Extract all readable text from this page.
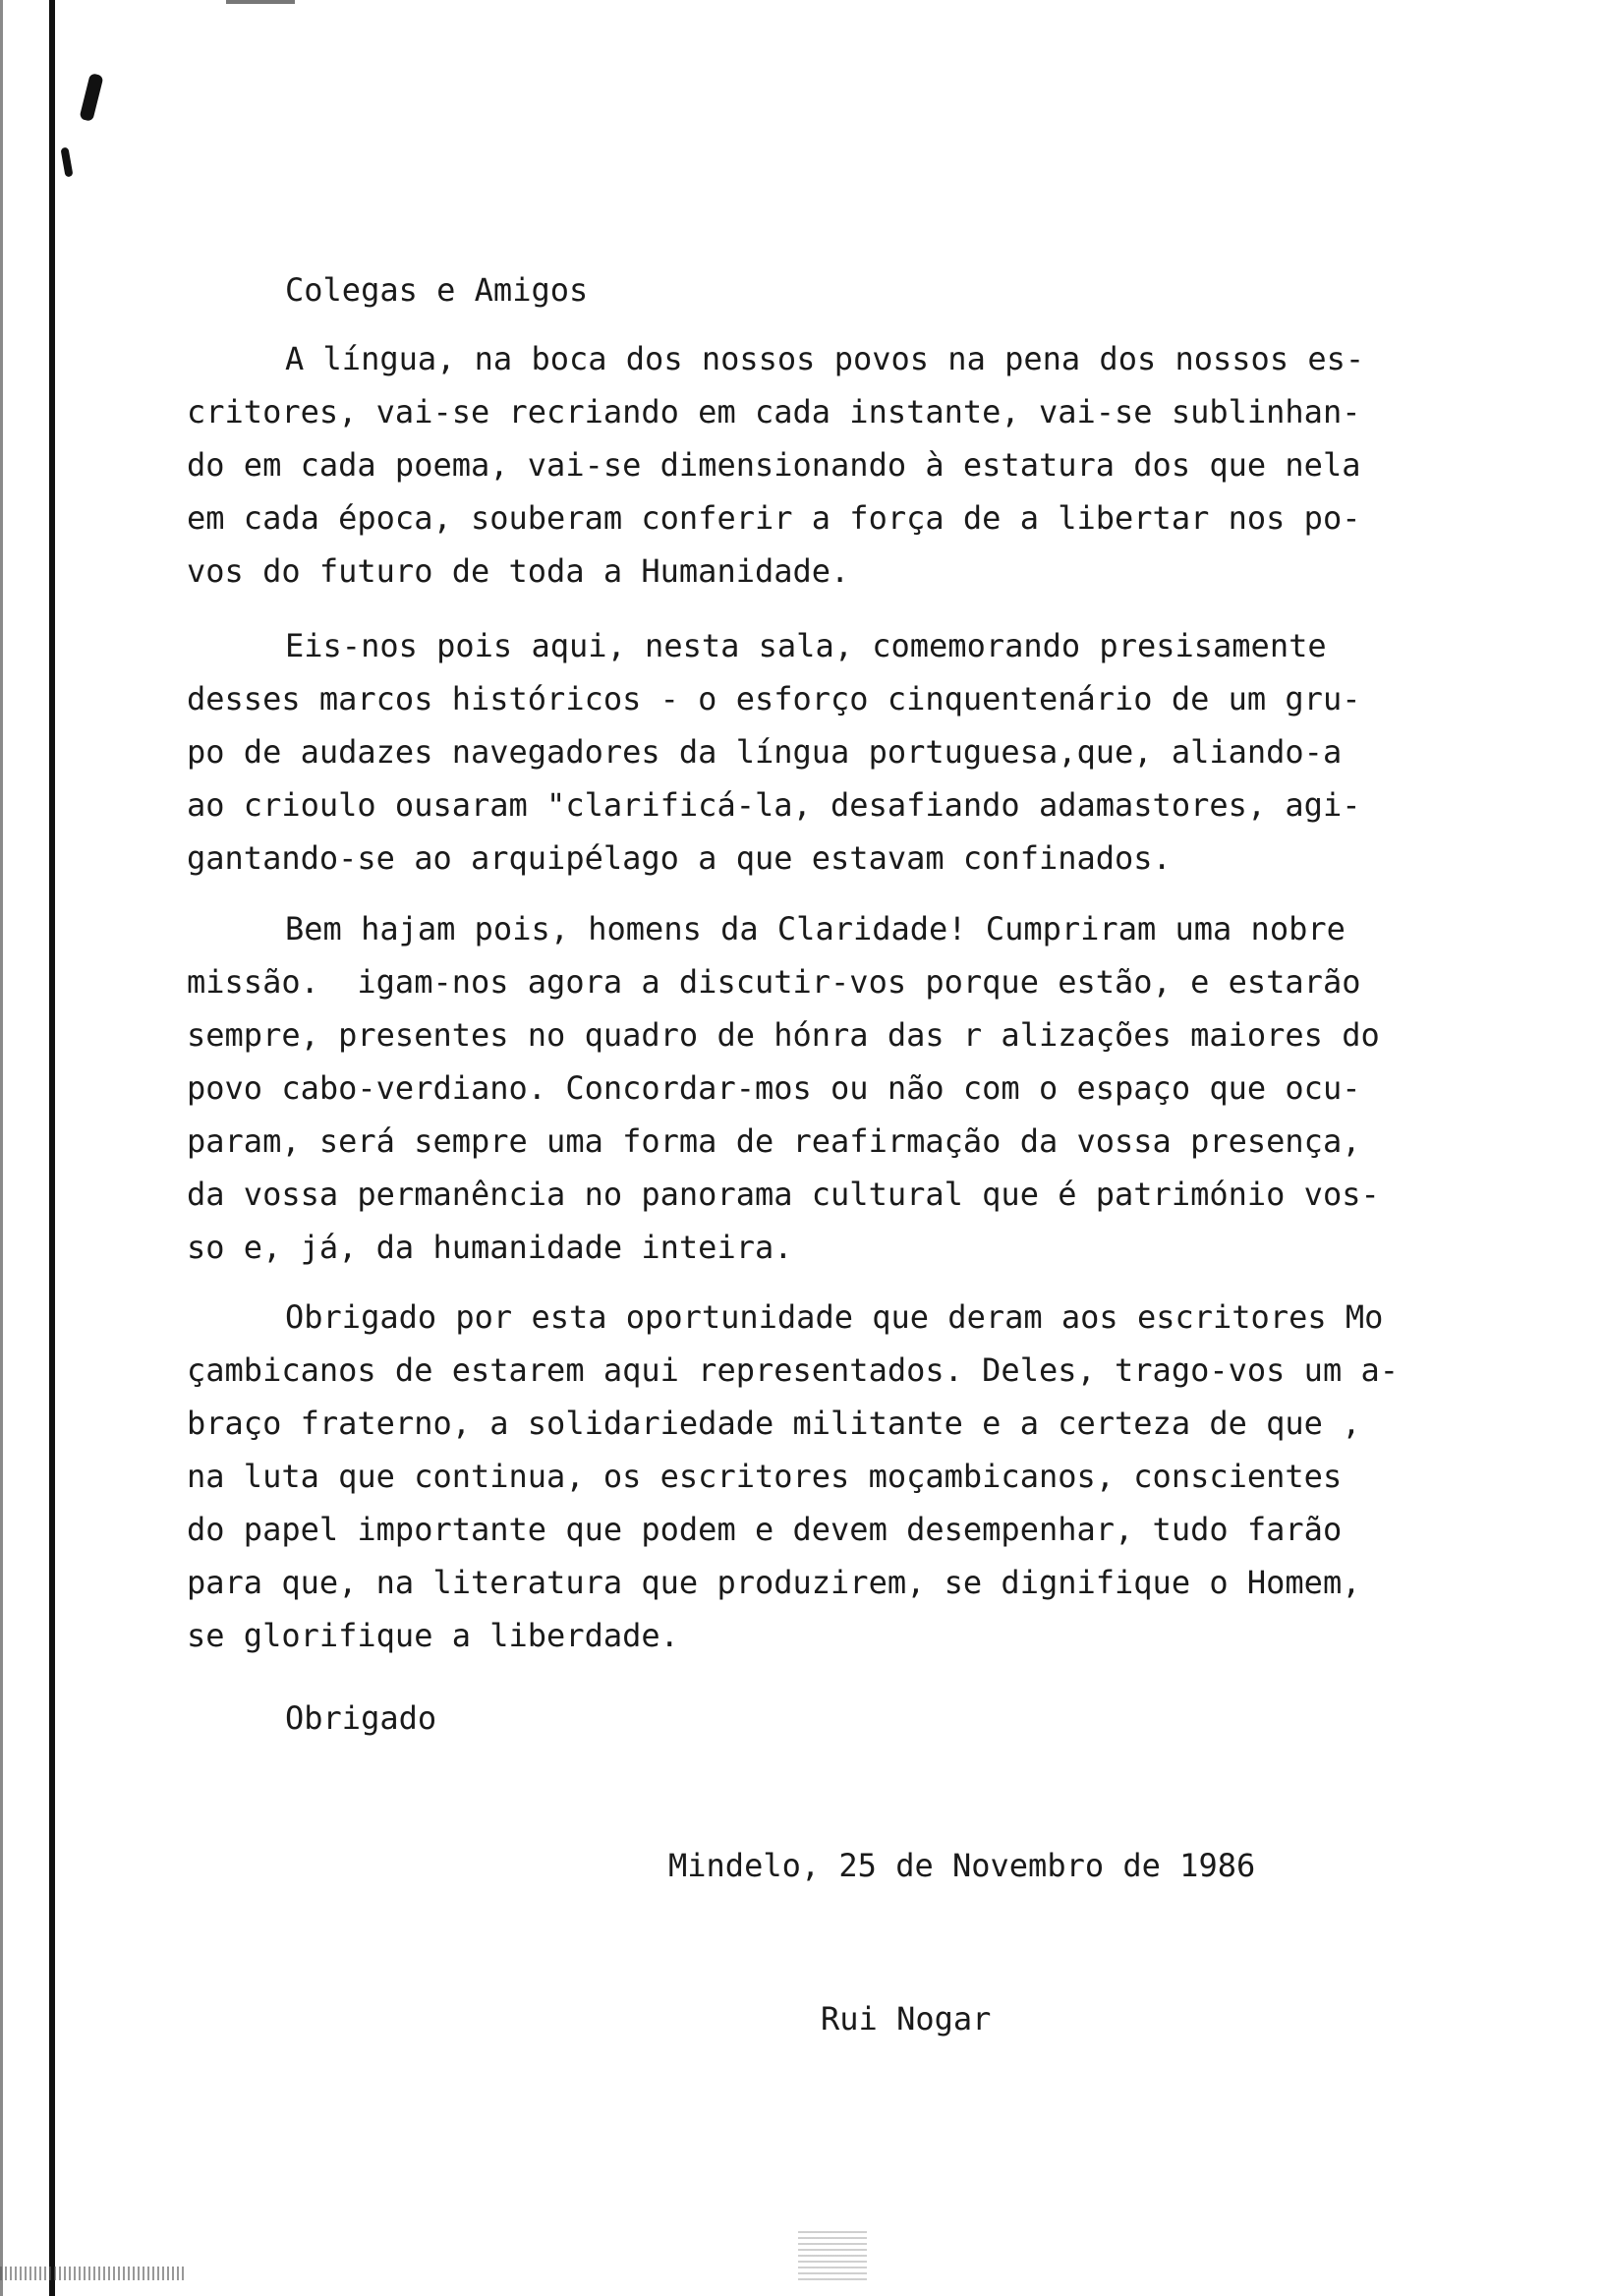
Colegas e Amigos
A língua, na boca dos nossos povos na pena dos nossos es-
critores, vai-se recriando em cada instante, vai-se sublinhan-
do em cada poema, vai-se dimensionando à estatura dos que nela
em cada época, souberam conferir a força de a libertar nos po-
vos do futuro de toda a Humanidade.
Eis-nos pois aqui, nesta sala, comemorando presisamente
desses marcos históricos - o esforço cinquentenário de um gru-
po de audazes navegadores da língua portuguesa,que, aliando-a
ao crioulo ousaram "clarificá-la, desafiando adamastores, agi-
gantando-se ao arquipélago a que estavam confinados.
Bem hajam pois, homens da Claridade! Cumpriram uma nobre
missão.  igam-nos agora a discutir-vos porque estão, e estarão
sempre, presentes no quadro de hónra das r alizações maiores do
povo cabo-verdiano. Concordar-mos ou não com o espaço que ocu-
param, será sempre uma forma de reafirmação da vossa presença,
da vossa permanência no panorama cultural que é património vos-
so e, já, da humanidade inteira.
Obrigado por esta oportunidade que deram aos escritores Mo
çambicanos de estarem aqui representados. Deles, trago-vos um a-
braço fraterno, a solidariedade militante e a certeza de que ,
na luta que continua, os escritores moçambicanos, conscientes
do papel importante que podem e devem desempenhar, tudo farão
para que, na literatura que produzirem, se dignifique o Homem,
se glorifique a liberdade.
Obrigado
Mindelo, 25 de Novembro de 1986
Rui Nogar
